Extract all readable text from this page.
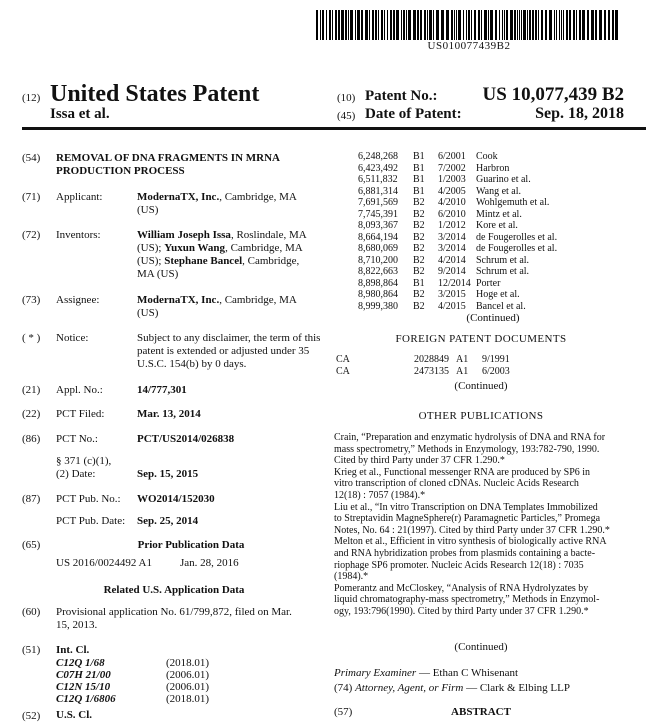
US010077439B2
(12) United States Patent
Issa et al.
(10) Patent No.: US 10,077,439 B2
(45) Date of Patent:	Sep. 18, 2018
(54)	REMOVAL OF DNA FRAGMENTS IN MRNA
PRODUCTION PROCESS
(71)	Applicant:	ModernaTX, Inc., Cambridge, MA
(US)
(72)	Inventors:	William Joseph Issa, Roslindale, MA
(US); Yuxun Wang, Cambridge, MA
(US); Stephane Bancel, Cambridge,
MA (US)
(73)	Assignee:	ModernaTX, Inc., Cambridge, MA
(US)
( * )	Notice:	Subject to any disclaimer, the term of this
patent is extended or adjusted under 35
U.S.C. 154(b) by 0 days.
(21)	Appl. No.:	14/777,301
(22)	PCT Filed:	Mar. 13, 2014
(86)	PCT No.:	PCT/US2014/026838
§ 371 (c)(1),
(2) Date:	Sep. 15, 2015
(87)	PCT Pub. No.: WO2014/152030
PCT Pub. Date: Sep. 25, 2014
(65)	Prior Publication Data
US 2016/0024492 A1	Jan. 28, 2016
Related U.S. Application Data
(60)	Provisional application No. 61/799,872, filed on Mar.
15, 2013.
(51)	Int. Cl.
C12Q 1/68	(2018.01)
C07H 21/00	(2006.01)
C12N 15/10	(2006.01)
C12Q 1/6806	(2018.01)
(52)	U.S. Cl.
6,248,268 B1 6/2001 Cook
6,423,492 B1 7/2002 Harbron
6,511,832 B1 1/2003 Guarino et al.
6,881,314 B1 4/2005 Wang et al.
7,691,569 B2 4/2010 Wohlgemuth et al.
7,745,391 B2 6/2010 Mintz et al.
8,093,367 B2 1/2012 Kore et al.
8,664,194 B2 3/2014 de Fougerolles et al.
8,680,069 B2 3/2014 de Fougerolles et al.
8,710,200 B2 4/2014 Schrum et al.
8,822,663 B2 9/2014 Schrum et al.
8,898,864 B1 12/2014 Porter
8,980,864 B2 3/2015 Hoge et al.
8,999,380 B2 4/2015 Bancel et al.
(Continued)
FOREIGN PATENT DOCUMENTS
CA	2028849 A1 9/1991
CA	2473135 A1 6/2003
(Continued)
OTHER PUBLICATIONS
Crain, “Preparation and enzymatic hydrolysis of DNA and RNA for
mass spectrometry,” Methods in Enzymology, 193:782-790, 1990.
Cited by third Party under 37 CFR 1.290.*
Krieg et al., Functional messenger RNA are produced by SP6 in
vitro transcription of cloned cDNAs. Nucleic Acids Research
12(18) : 7057 (1984).*
Liu et al., “In vitro Transcription on DNA Templates Immobilized
to Streptavidin MagneSphere(r) Paramagnetic Particles,” Promega
Notes, No. 64 : 21(1997). Cited by third Party under 37 CFR 1.290.*
Melton et al., Efficient in vitro synthesis of biologically active RNA
and RNA hybridization probes from plasmids containing a bacte-
riophage SP6 promoter. Nucleic Acids Research 12(18) : 7035
(1984).*
Pomerantz and McCloskey, “Analysis of RNA Hydrolyzates by
liquid chromatography-mass spectrometry,” Methods in Enzymol-
ogy, 193:796(1990). Cited by third Party under 37 CFR 1.290.*
(Continued)
Primary Examiner — Ethan C Whisenant
(74) Attorney, Agent, or Firm — Clark & Elbing LLP
(57)	ABSTRACT
